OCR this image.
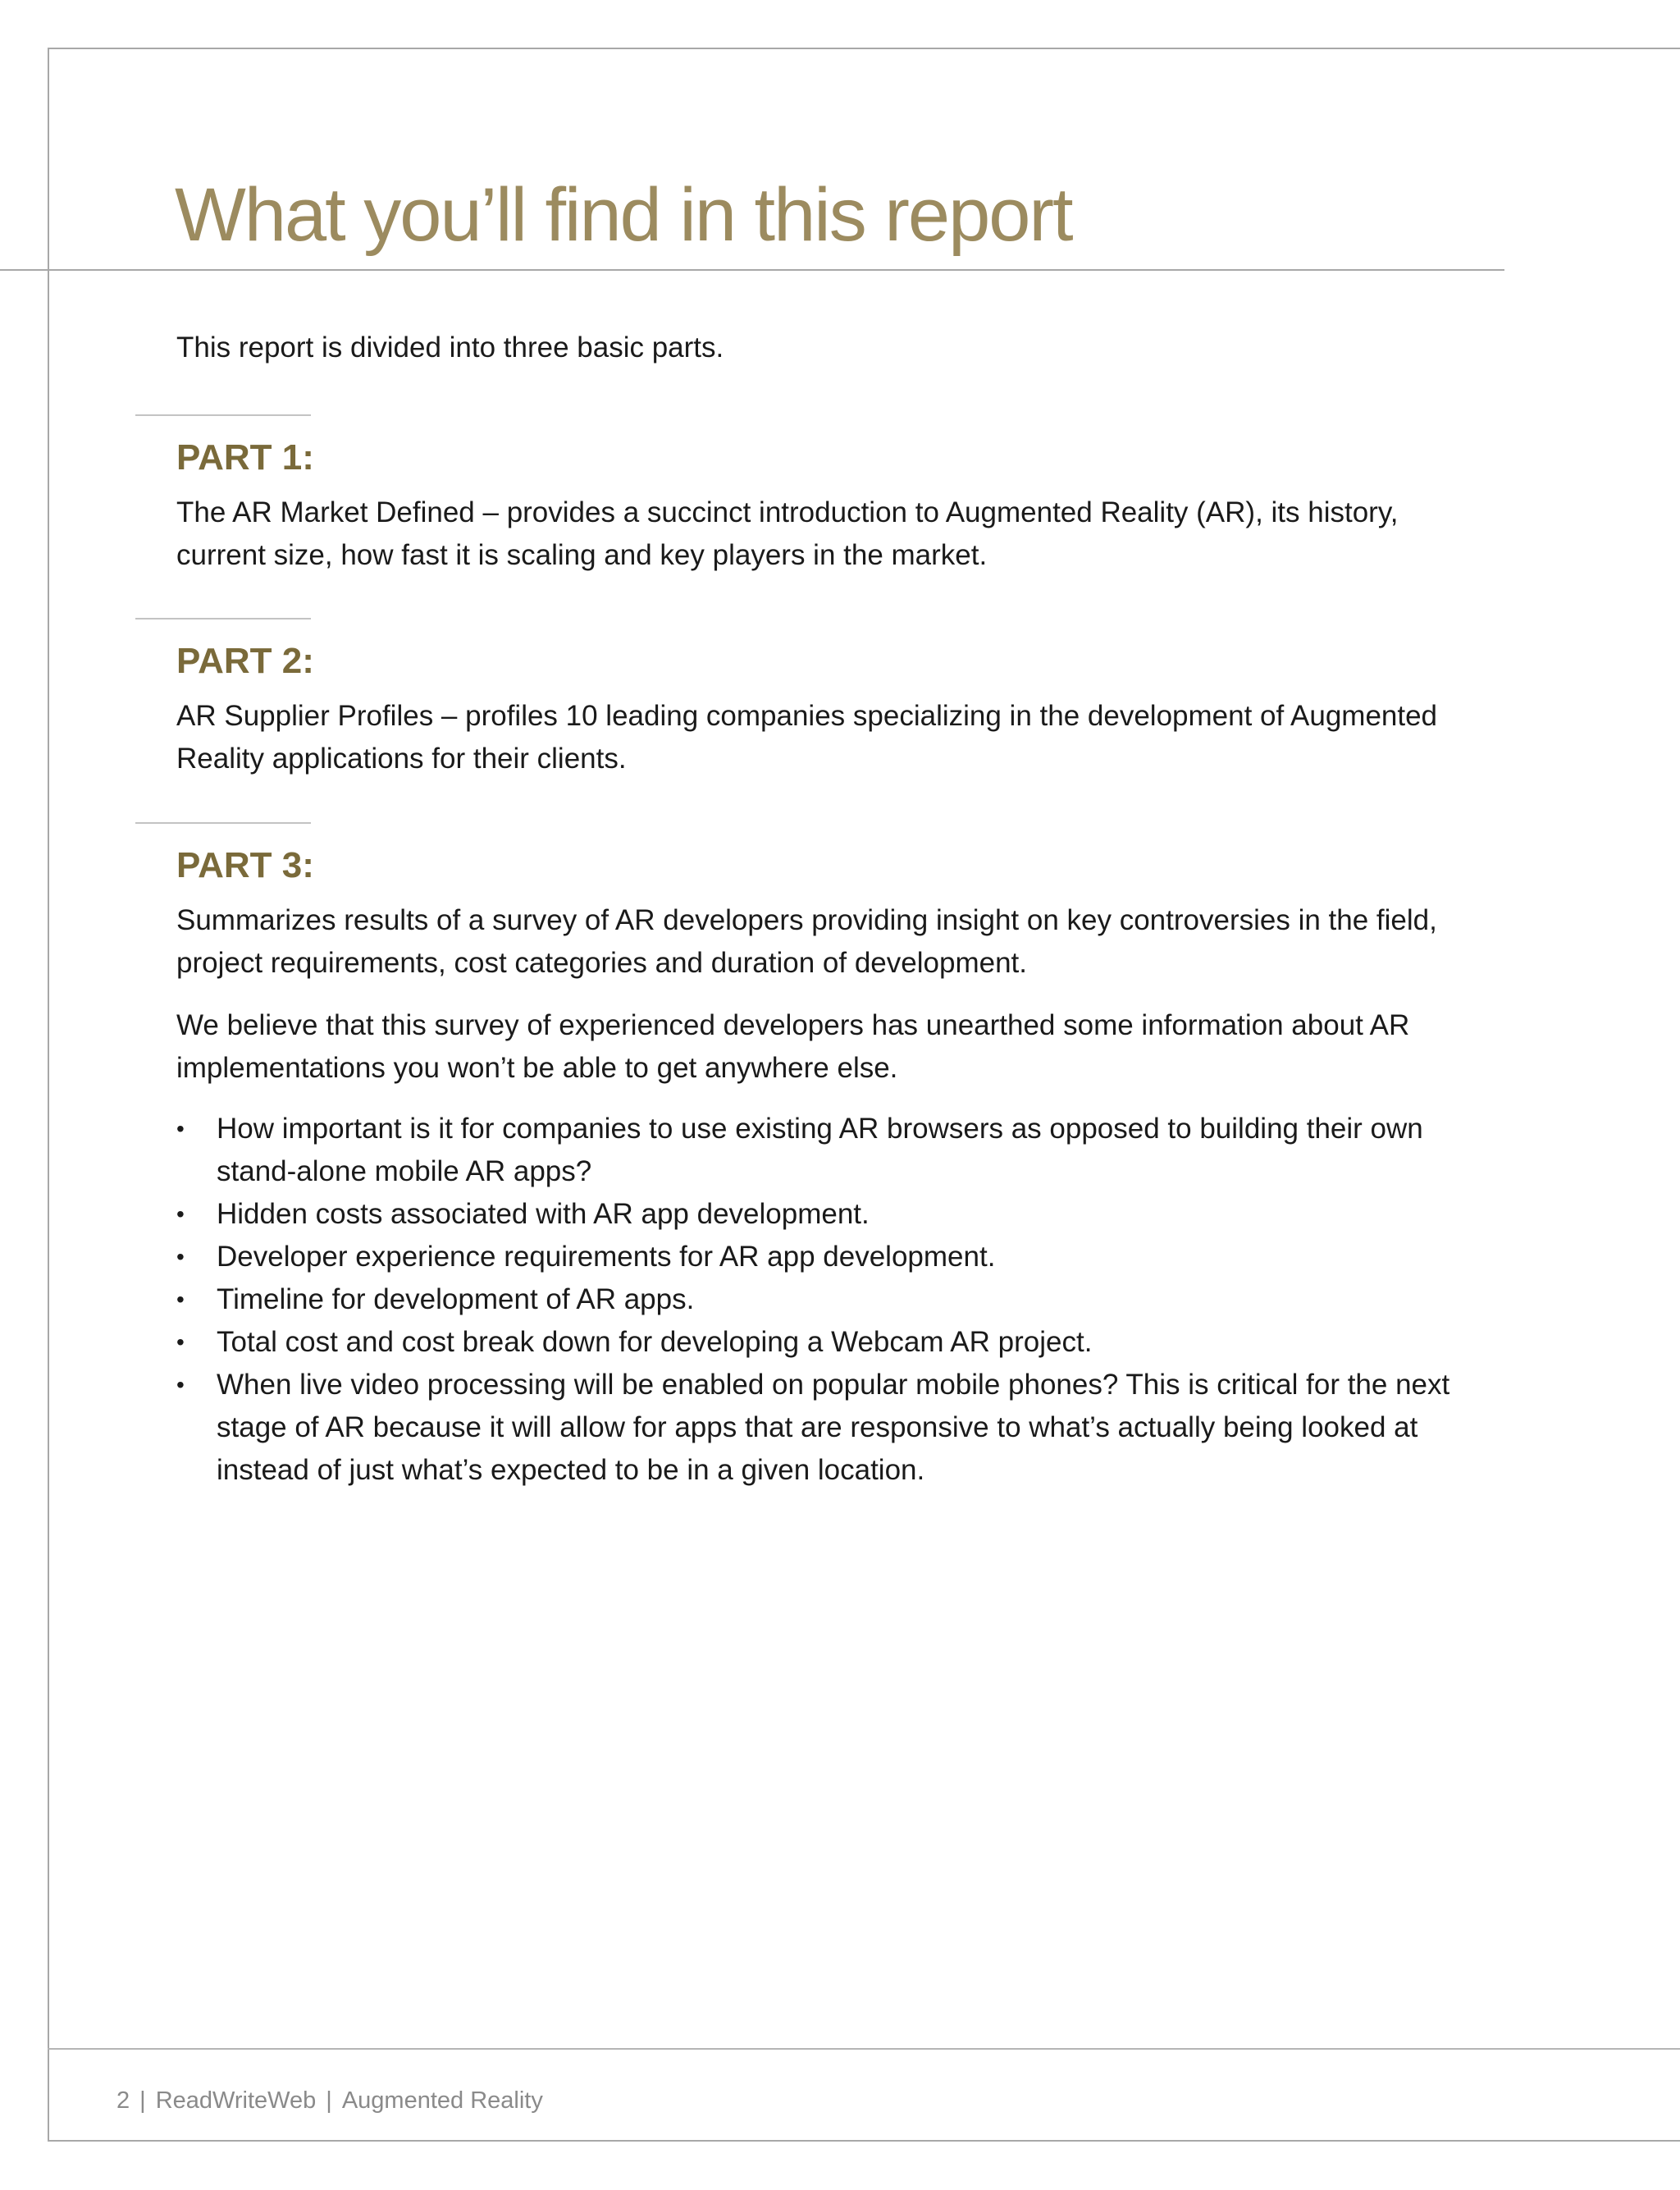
What you’ll find in this report

This report is divided into three basic parts.

PART 1:

The AR Market Defined – provides a succinct introduction to Augmented Reality (AR), its history, current size, how fast it is scaling and key players in the market.

PART 2:

AR Supplier Profiles – profiles 10 leading companies specializing in the development of Augmented Reality applications for their clients.

PART 3:

Summarizes results of a survey of AR developers providing insight on key controversies in the field, project requirements, cost categories and duration of development.

We believe that this survey of experienced developers has unearthed some information about AR implementations you won’t be able to get anywhere else.

• How important is it for companies to use existing AR browsers as opposed to building their own stand-alone mobile AR apps?
• Hidden costs associated with AR app development.
• Developer experience requirements for AR app development.
• Timeline for development of AR apps.
• Total cost and cost break down for developing a Webcam AR project.
• When live video processing will be enabled on popular mobile phones? This is critical for the next stage of AR because it will allow for apps that are responsive to what’s actually being looked at instead of just what’s expected to be in a given location.
2 | ReadWriteWeb | Augmented Reality
